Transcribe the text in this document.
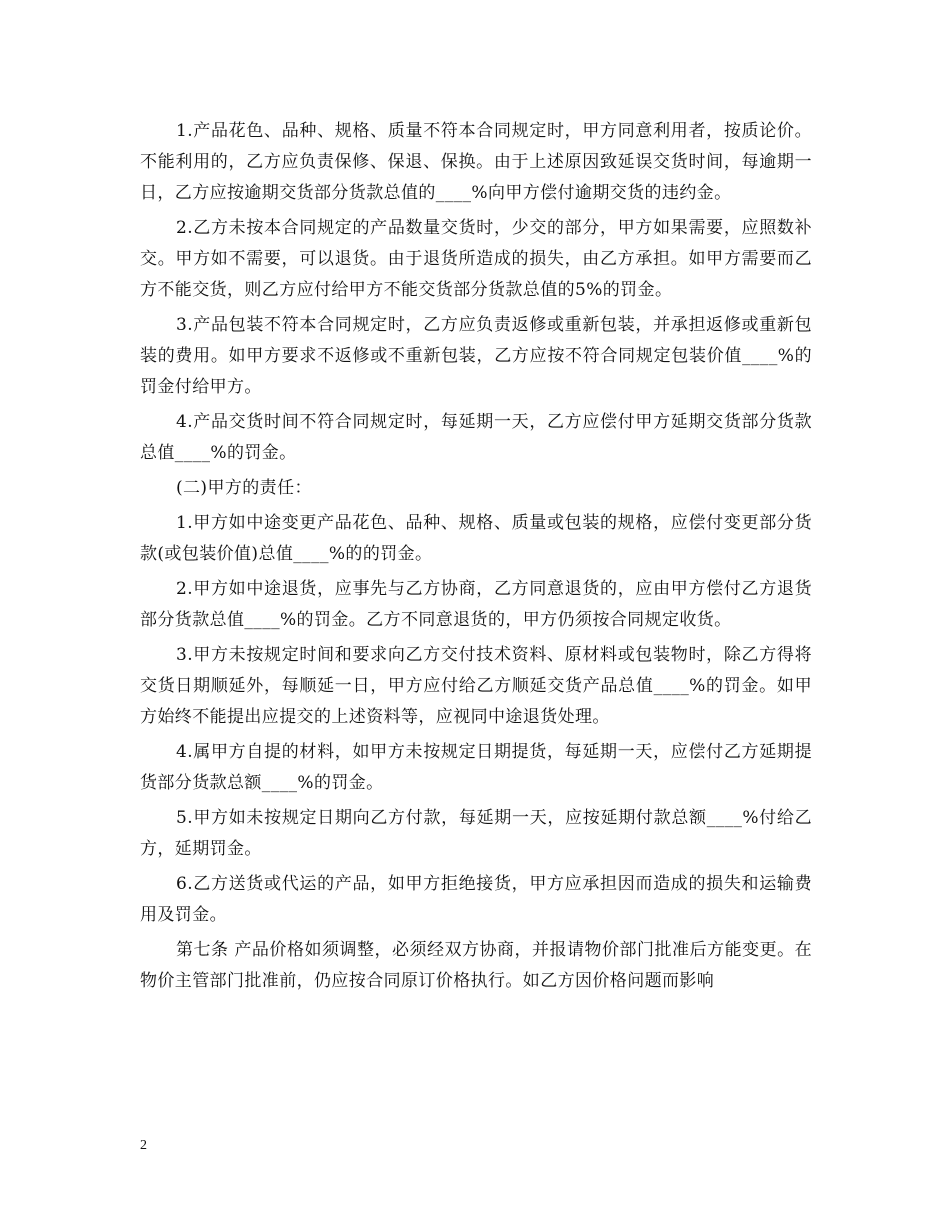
1.产品花色、品种、规格、质量不符本合同规定时，甲方同意利用者，按质论价。不能利用的，乙方应负责保修、保退、保换。由于上述原因致延误交货时间，每逾期一日，乙方应按逾期交货部分货款总值的____%向甲方偿付逾期交货的违约金。

2.乙方未按本合同规定的产品数量交货时，少交的部分，甲方如果需要，应照数补交。甲方如不需要，可以退货。由于退货所造成的损失，由乙方承担。如甲方需要而乙方不能交货，则乙方应付给甲方不能交货部分货款总值的5%的罚金。

3.产品包装不符本合同规定时，乙方应负责返修或重新包装，并承担返修或重新包装的费用。如甲方要求不返修或不重新包装，乙方应按不符合同规定包装价值____%的罚金付给甲方。

4.产品交货时间不符合同规定时，每延期一天，乙方应偿付甲方延期交货部分货款总值____%的罚金。

(二)甲方的责任：

1.甲方如中途变更产品花色、品种、规格、质量或包装的规格，应偿付变更部分货款(或包装价值)总值____%的的罚金。

2.甲方如中途退货，应事先与乙方协商，乙方同意退货的，应由甲方偿付乙方退货部分货款总值____%的罚金。乙方不同意退货的，甲方仍须按合同规定收货。

3.甲方未按规定时间和要求向乙方交付技术资料、原材料或包装物时，除乙方得将交货日期顺延外，每顺延一日，甲方应付给乙方顺延交货产品总值____%的罚金。如甲方始终不能提出应提交的上述资料等，应视同中途退货处理。

4.属甲方自提的材料，如甲方未按规定日期提货，每延期一天，应偿付乙方延期提货部分货款总额____%的罚金。

5.甲方如未按规定日期向乙方付款，每延期一天，应按延期付款总额____%付给乙方，延期罚金。

6.乙方送货或代运的产品，如甲方拒绝接货，甲方应承担因而造成的损失和运输费用及罚金。

第七条 产品价格如须调整，必须经双方协商，并报请物价部门批准后方能变更。在物价主管部门批准前，仍应按合同原订价格执行。如乙方因价格问题而影响

2
